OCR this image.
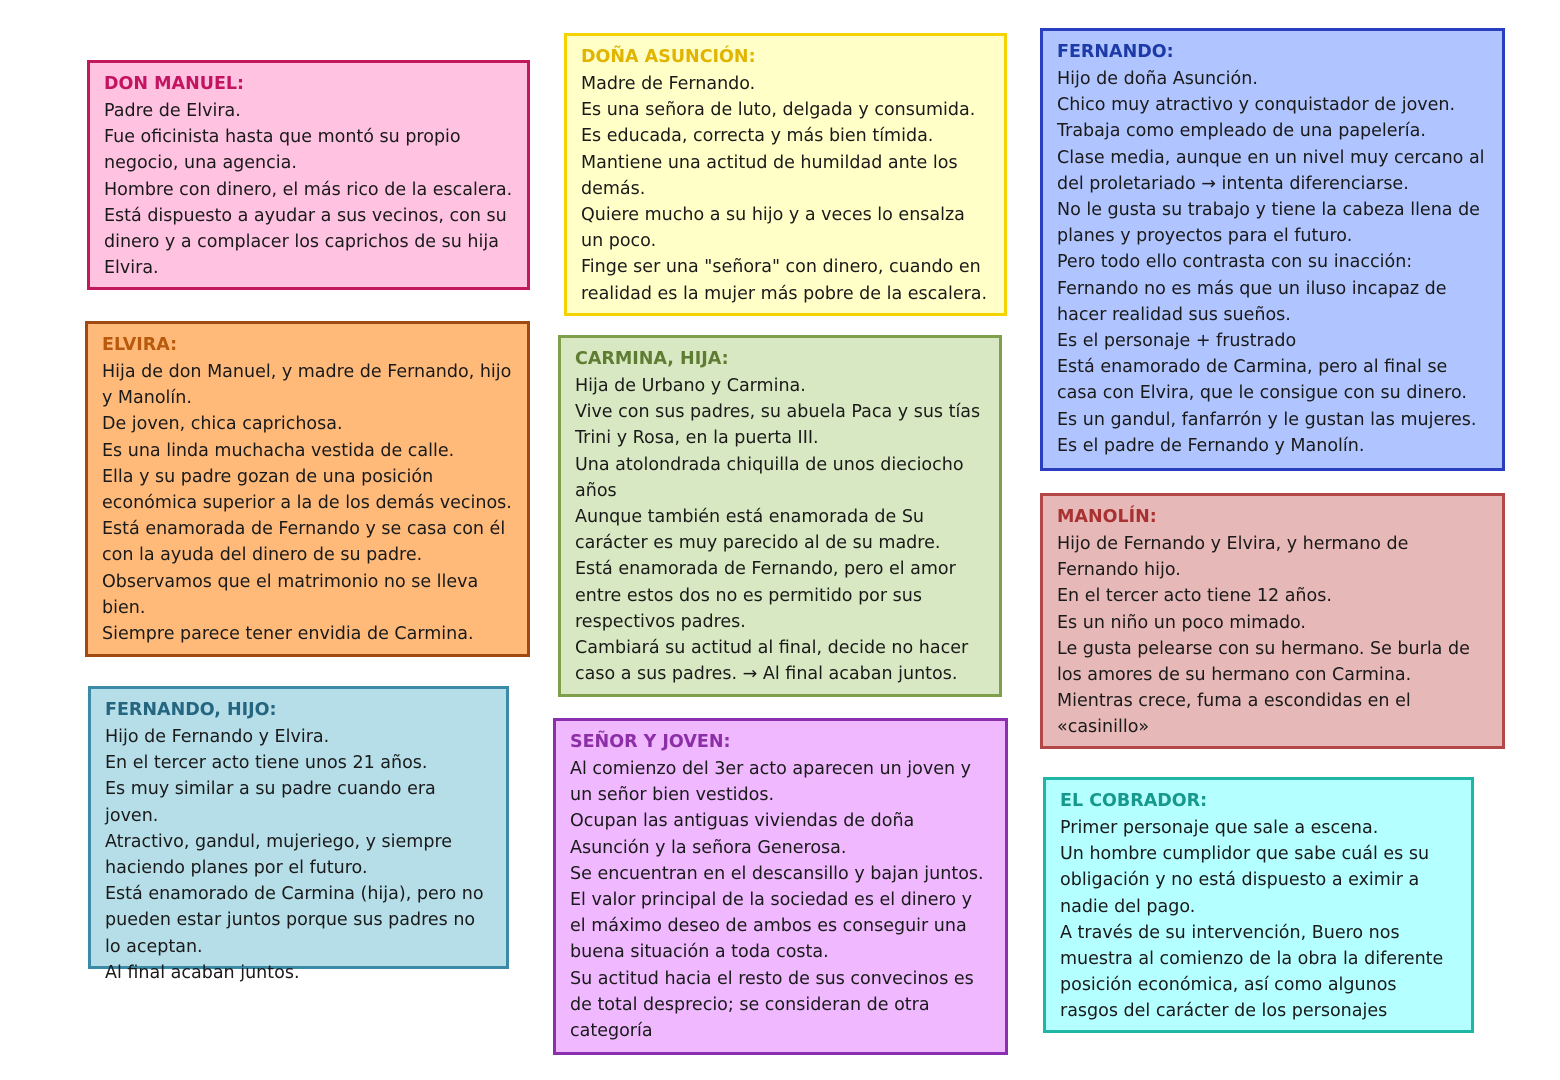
DON MANUEL:

Padre de Elvira.

Fue oficinista hasta que montó su propio negocio, una agencia.

Hombre con dinero, el más rico de la escalera.

Está dispuesto a ayudar a sus vecinos, con su dinero y a complacer los caprichos de su hija Elvira.

DOÑA ASUNCIÓN:

Madre de Fernando.

Es una señora de luto, delgada y consumida.

Es educada, correcta y más bien tímida.

Mantiene una actitud de humildad ante los demás.

Quiere mucho a su hijo y a veces lo ensalza un poco.

Finge ser una "señora" con dinero, cuando en realidad es la mujer más pobre de la escalera.

FERNANDO:

Hijo de doña Asunción.

Chico muy atractivo y conquistador de joven.

Trabaja como empleado de una papelería.

Clase media, aunque en un nivel muy cercano al del proletariado → intenta diferenciarse.

No le gusta su trabajo y tiene la cabeza llena de planes y proyectos para el futuro.

Pero todo ello contrasta con su inacción: Fernando no es más que un iluso incapaz de hacer realidad sus sueños.

Es el personaje + frustrado

Está enamorado de Carmina, pero al final se casa con Elvira, que le consigue con su dinero.

Es un gandul, fanfarrón y le gustan las mujeres.

Es el padre de Fernando y Manolín.

ELVIRA:

Hija de don Manuel, y madre de Fernando, hijo y Manolín.

De joven, chica caprichosa.

Es una linda muchacha vestida de calle.

Ella y su padre gozan de una posición económica superior a la de los demás vecinos.

Está enamorada de Fernando y se casa con él con la ayuda del dinero de su padre.

Observamos que el matrimonio no se lleva bien.

Siempre parece tener envidia de Carmina.

CARMINA, HIJA:

Hija de Urbano y Carmina.

Vive con sus padres, su abuela Paca y sus tías Trini y Rosa, en la puerta III.

Una atolondrada chiquilla de unos dieciocho años

Aunque también está enamorada de Su carácter es muy parecido al de su madre.

Está enamorada de Fernando, pero el amor entre estos dos no es permitido por sus respectivos padres.

Cambiará su actitud al final, decide no hacer caso a sus padres. → Al final acaban juntos.

MANOLÍN:

Hijo de Fernando y Elvira, y hermano de Fernando hijo.

En el tercer acto tiene 12 años.

Es un niño un poco mimado.

Le gusta pelearse con su hermano. Se burla de los amores de su hermano con Carmina.

Mientras crece, fuma a escondidas en el «casinillo»

FERNANDO, HIJO:

Hijo de Fernando y Elvira.

En el tercer acto tiene unos 21 años.

Es muy similar a su padre cuando era joven.

Atractivo, gandul, mujeriego, y siempre haciendo planes por el futuro.

Está enamorado de Carmina (hija), pero no pueden estar juntos porque sus padres no lo aceptan.

Al final acaban juntos.

SEÑOR Y JOVEN:

Al comienzo del 3er acto aparecen un joven y un señor bien vestidos.

Ocupan las antiguas viviendas de doña Asunción y la señora Generosa.

Se encuentran en el descansillo y bajan juntos.

El valor principal de la sociedad es el dinero y el máximo deseo de ambos es conseguir una buena situación a toda costa.

Su actitud hacia el resto de sus convecinos es de total desprecio; se consideran de otra categoría

EL COBRADOR:

Primer personaje que sale a escena.

Un hombre cumplidor que sabe cuál es su obligación y no está dispuesto a eximir a nadie del pago.

A través de su intervención, Buero nos muestra al comienzo de la obra la diferente posición económica, así como algunos rasgos del carácter de los personajes
